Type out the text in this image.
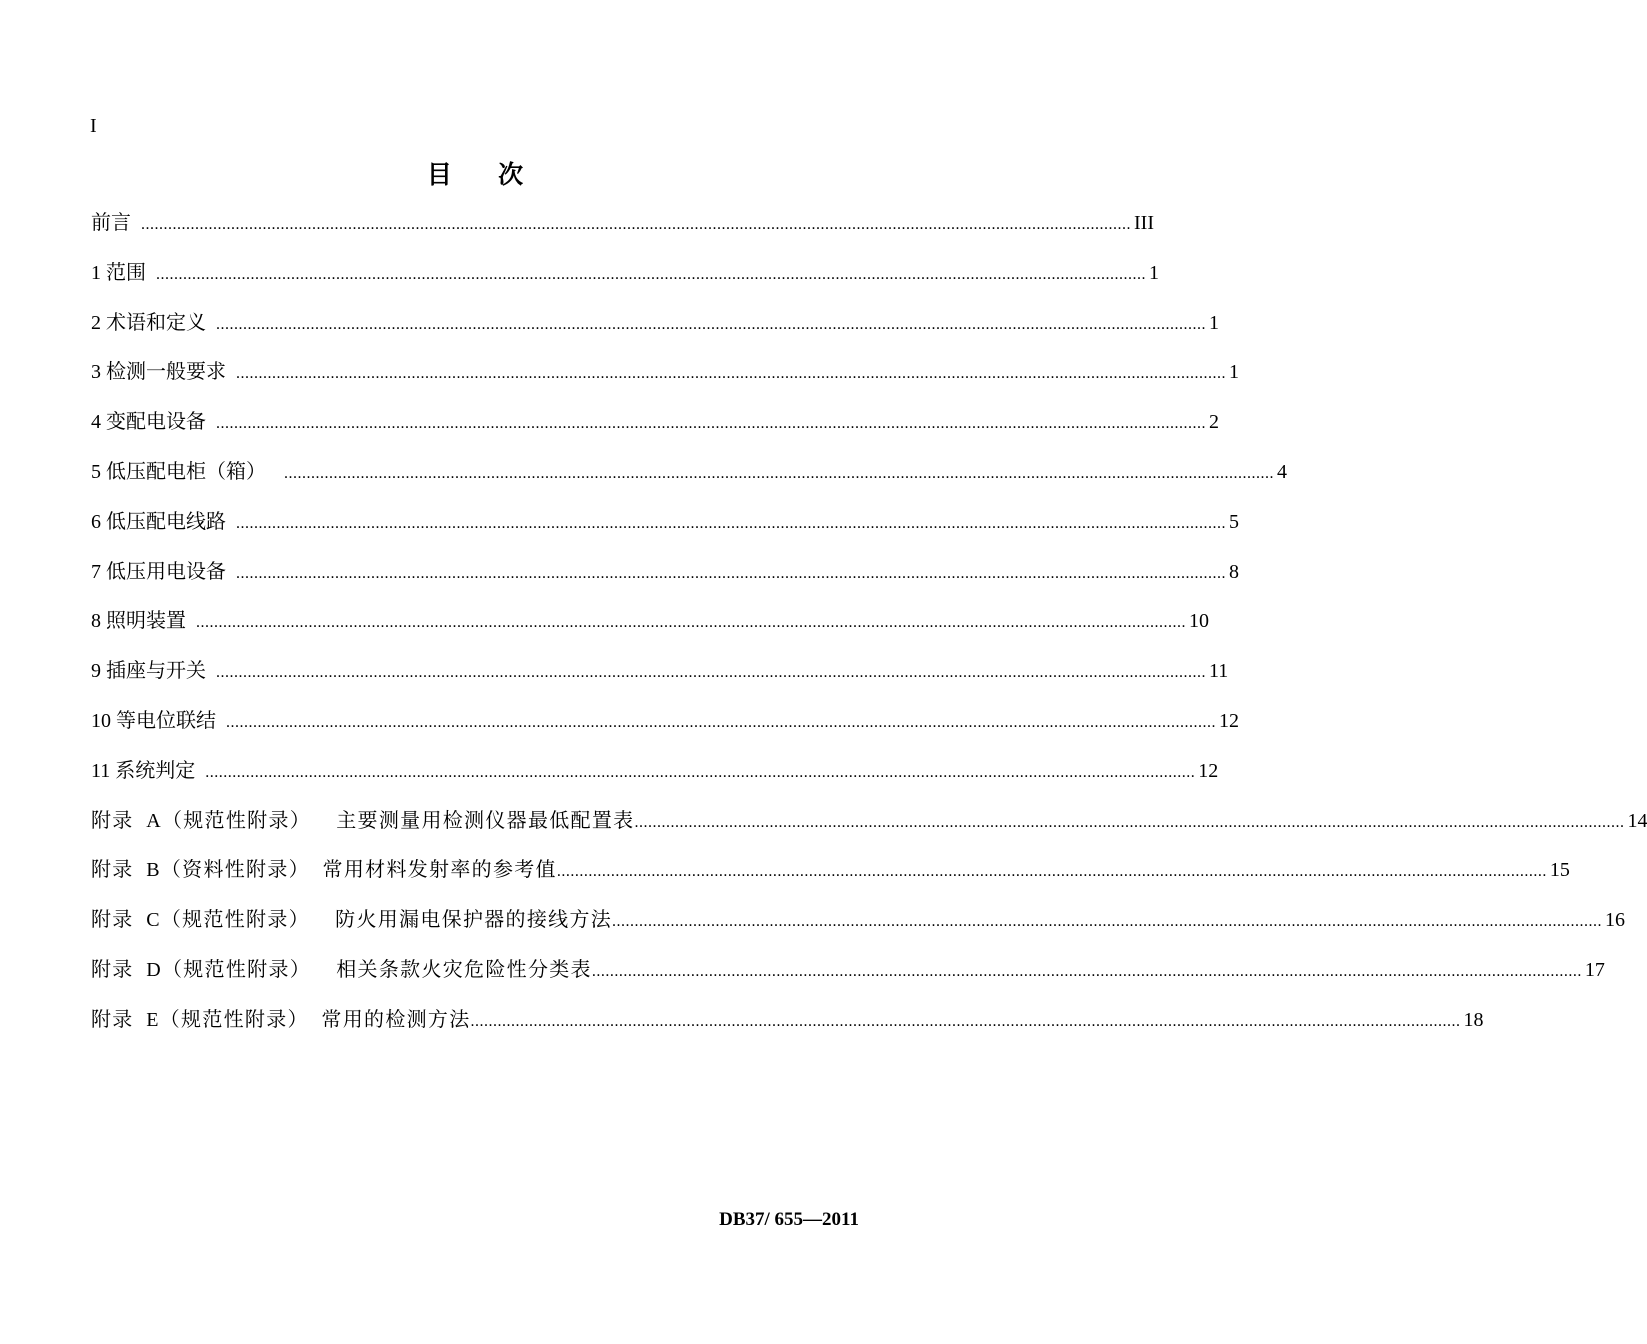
I
目 次
前言 ............................................................................................................................................................................................................................ III
1 范围 ............................................................................................................................................................................................................................ 1
2 术语和定义 ............................................................................................................................................................................................................................ 1
3 检测一般要求 ............................................................................................................................................................................................................................ 1
4 变配电设备 ............................................................................................................................................................................................................................ 2
5 低压配电柜（箱） ............................................................................................................................................................................................................................ 4
6 低压配电线路 ............................................................................................................................................................................................................................ 5
7 低压用电设备 ............................................................................................................................................................................................................................ 8
8 照明装置 ............................................................................................................................................................................................................................ 10
9 插座与开关 ............................................................................................................................................................................................................................ 11
10 等电位联结 ............................................................................................................................................................................................................................ 12
11 系统判定 ............................................................................................................................................................................................................................ 12
附录  A（规范性附录）    主要测量用检测仪器最低配置表 ............................................................................................................................................................................................................................ 14
附录  B（资料性附录）  常用材料发射率的参考值 ............................................................................................................................................................................................................................ 15
附录  C（规范性附录）    防火用漏电保护器的接线方法 ............................................................................................................................................................................................................................ 16
附录  D（规范性附录）    相关条款火灾危险性分类表 ............................................................................................................................................................................................................................ 17
附录  E（规范性附录）  常用的检测方法 ............................................................................................................................................................................................................................ 18
DB37/ 655—2011
